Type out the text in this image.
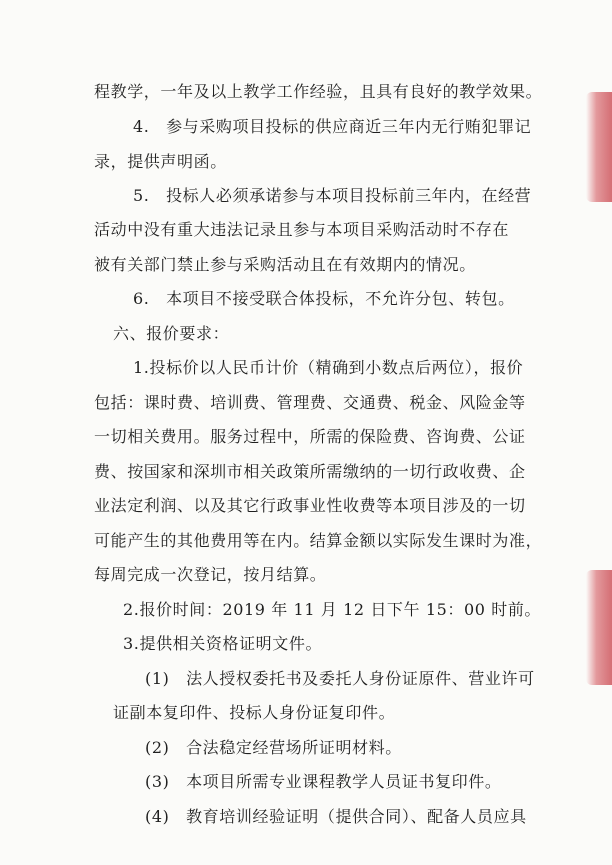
程教学，一年及以上教学工作经验，且具有良好的教学效果。
4.　参与采购项目投标的供应商近三年内无行贿犯罪记
录，提供声明函。
5.　投标人必须承诺参与本项目投标前三年内，在经营
活动中没有重大违法记录且参与本项目采购活动时不存在
被有关部门禁止参与采购活动且在有效期内的情况。
6.　本项目不接受联合体投标，不允许分包、转包。
六、报价要求：
1.投标价以人民币计价（精确到小数点后两位），报价
包括：课时费、培训费、管理费、交通费、税金、风险金等
一切相关费用。服务过程中，所需的保险费、咨询费、公证
费、按国家和深圳市相关政策所需缴纳的一切行政收费、企
业法定利润、以及其它行政事业性收费等本项目涉及的一切
可能产生的其他费用等在内。结算金额以实际发生课时为准，
每周完成一次登记，按月结算。
2.报价时间：2019 年 11 月 12 日下午 15：00 时前。
3.提供相关资格证明文件。
(1)　法人授权委托书及委托人身份证原件、营业许可
证副本复印件、投标人身份证复印件。
(2)　合法稳定经营场所证明材料。
(3)　本项目所需专业课程教学人员证书复印件。
(4)　教育培训经验证明（提供合同）、配备人员应具
